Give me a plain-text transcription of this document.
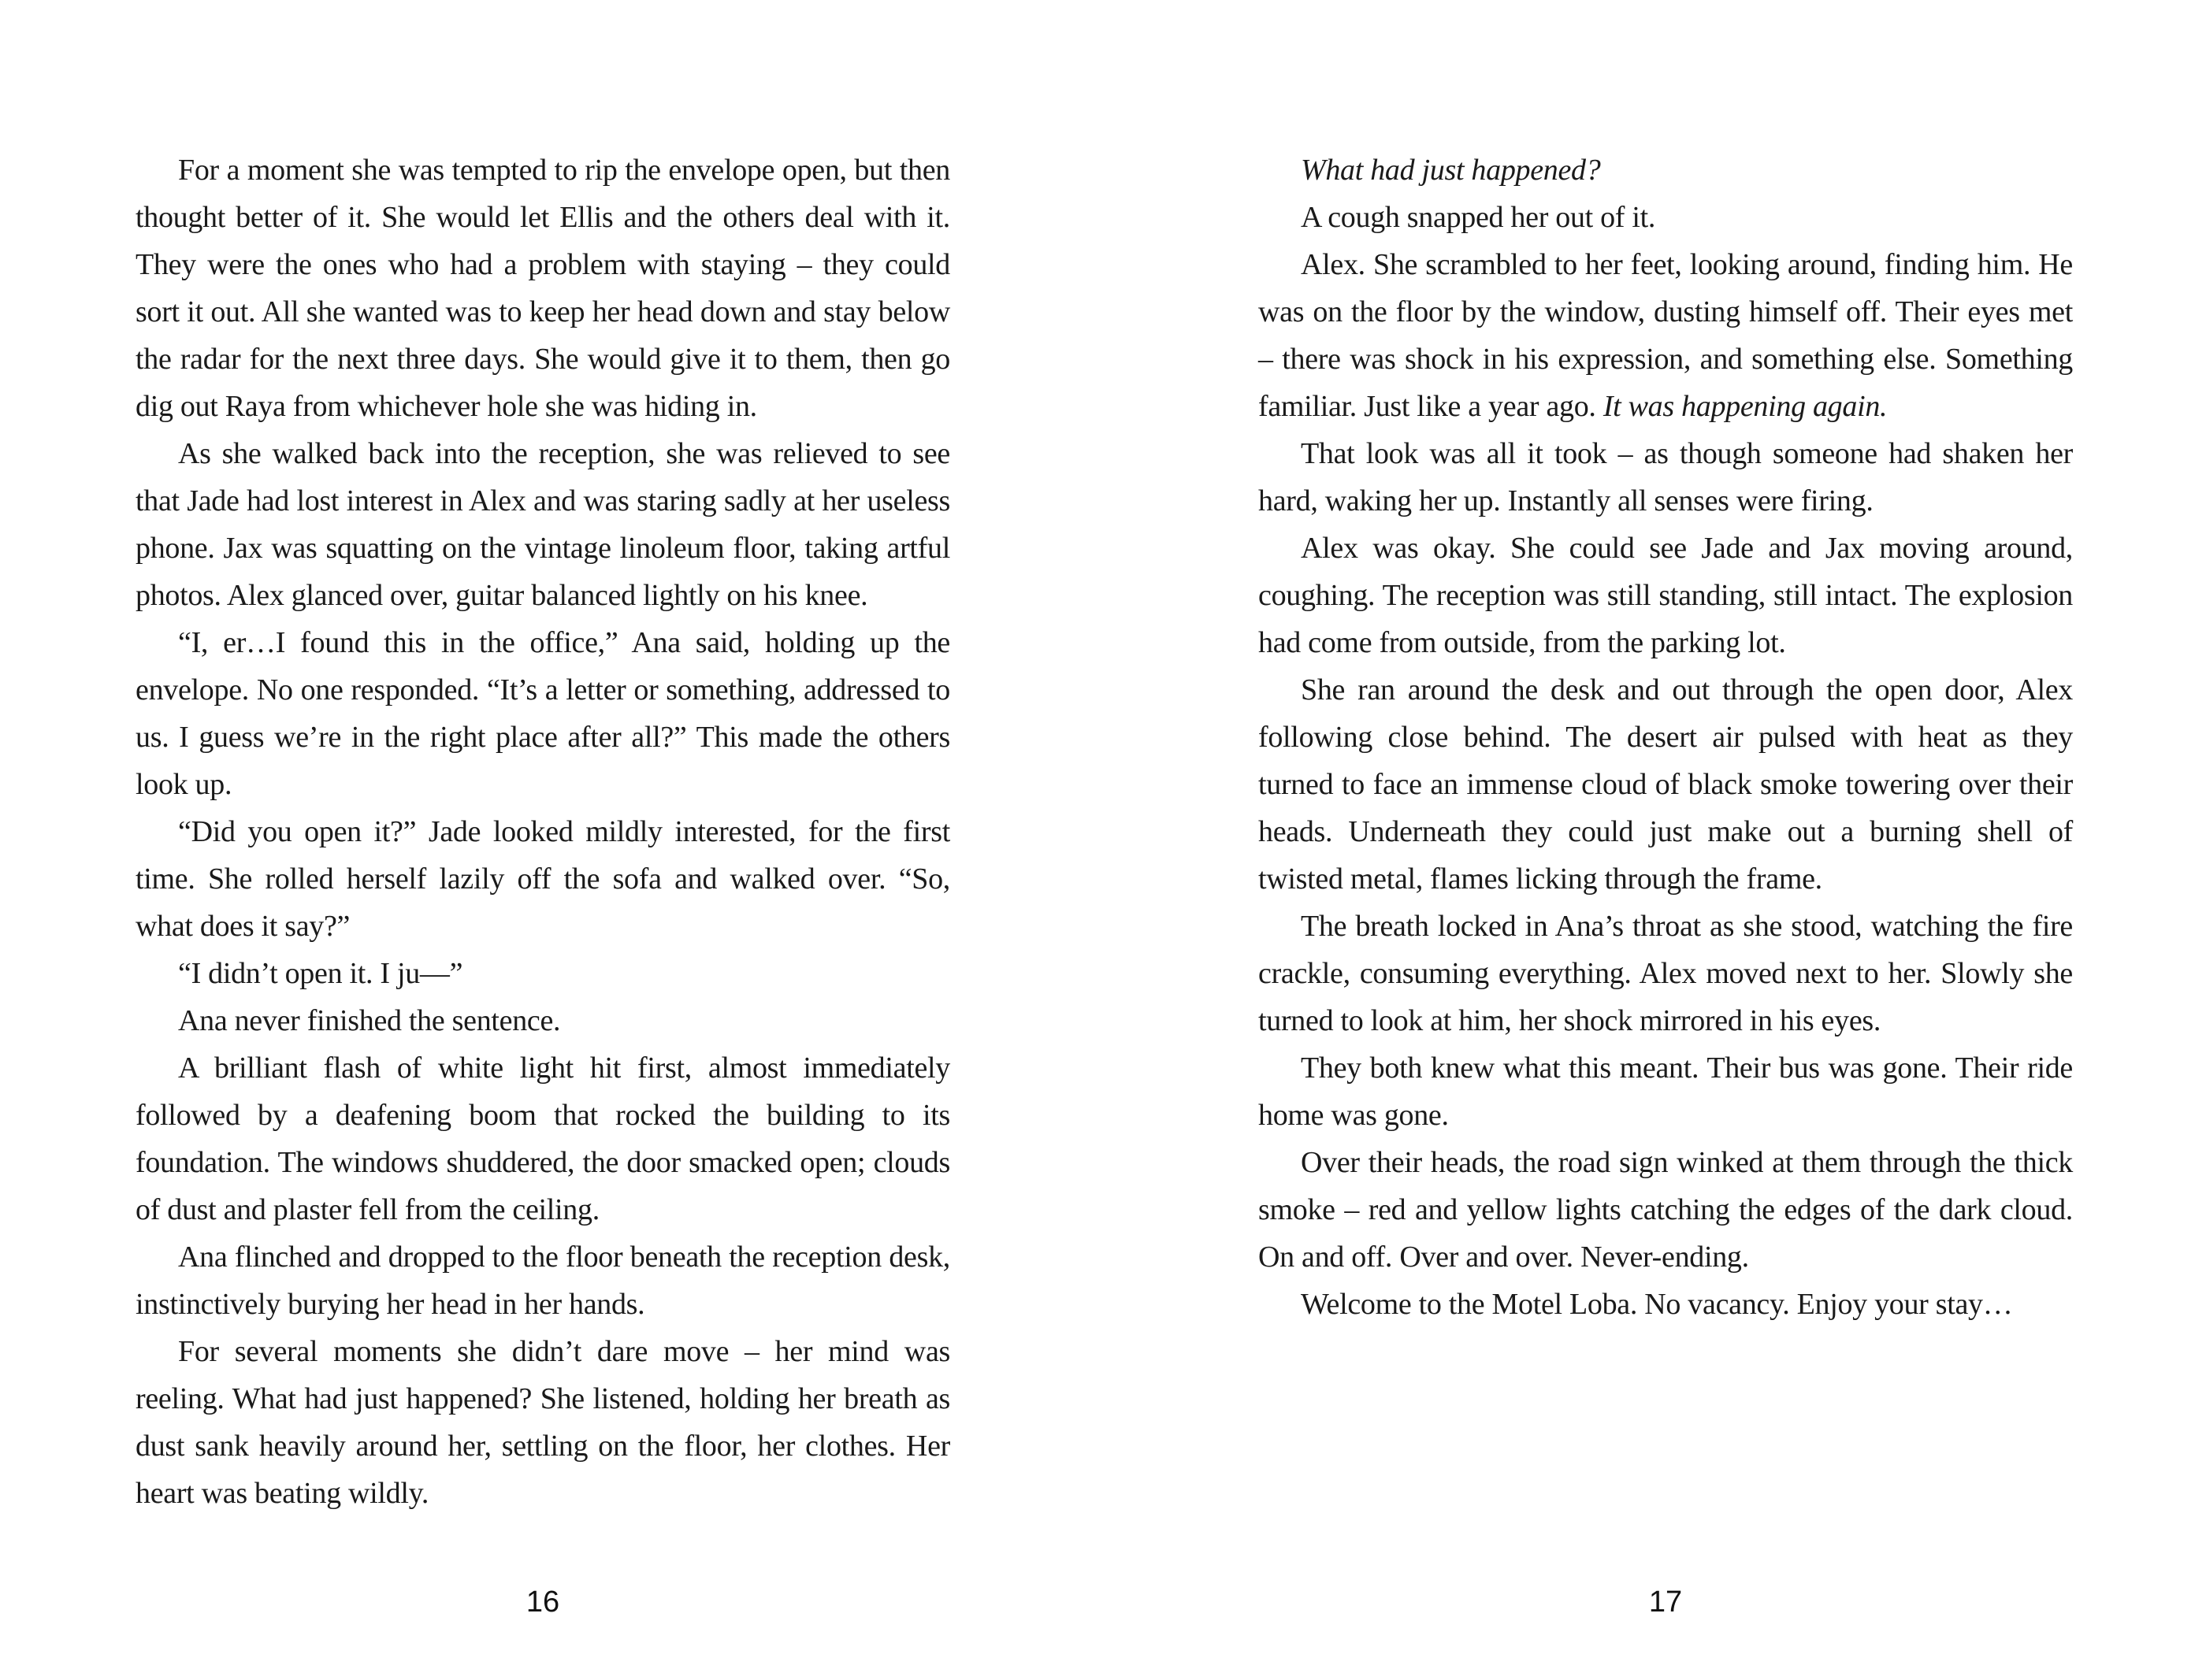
For a moment she was tempted to rip the envelope open, but then thought better of it. She would let Ellis and the others deal with it. They were the ones who had a problem with staying – they could sort it out. All she wanted was to keep her head down and stay below the radar for the next three days. She would give it to them, then go dig out Raya from whichever hole she was hiding in.

As she walked back into the reception, she was relieved to see that Jade had lost interest in Alex and was staring sadly at her useless phone. Jax was squatting on the vintage linoleum floor, taking artful photos. Alex glanced over, guitar balanced lightly on his knee.

“I, er…I found this in the office,” Ana said, holding up the envelope. No one responded. “It’s a letter or something, addressed to us. I guess we’re in the right place after all?” This made the others look up.

“Did you open it?” Jade looked mildly interested, for the first time. She rolled herself lazily off the sofa and walked over. “So, what does it say?”

“I didn’t open it. I ju—”

Ana never finished the sentence.

A brilliant flash of white light hit first, almost immediately followed by a deafening boom that rocked the building to its foundation. The windows shuddered, the door smacked open; clouds of dust and plaster fell from the ceiling.

Ana flinched and dropped to the floor beneath the reception desk, instinctively burying her head in her hands.

For several moments she didn’t dare move – her mind was reeling. What had just happened? She listened, holding her breath as dust sank heavily around her, settling on the floor, her clothes. Her heart was beating wildly.

16

What had just happened?

A cough snapped her out of it.

Alex. She scrambled to her feet, looking around, finding him. He was on the floor by the window, dusting himself off. Their eyes met – there was shock in his expression, and something else. Something familiar. Just like a year ago. It was happening again.

That look was all it took – as though someone had shaken her hard, waking her up. Instantly all senses were firing.

Alex was okay. She could see Jade and Jax moving around, coughing. The reception was still standing, still intact. The explosion had come from outside, from the parking lot.

She ran around the desk and out through the open door, Alex following close behind. The desert air pulsed with heat as they turned to face an immense cloud of black smoke towering over their heads. Underneath they could just make out a burning shell of twisted metal, flames licking through the frame.

The breath locked in Ana’s throat as she stood, watching the fire crackle, consuming everything. Alex moved next to her. Slowly she turned to look at him, her shock mirrored in his eyes.

They both knew what this meant. Their bus was gone. Their ride home was gone.

Over their heads, the road sign winked at them through the thick smoke – red and yellow lights catching the edges of the dark cloud. On and off. Over and over. Never-ending.

Welcome to the Motel Loba. No vacancy. Enjoy your stay…

17
